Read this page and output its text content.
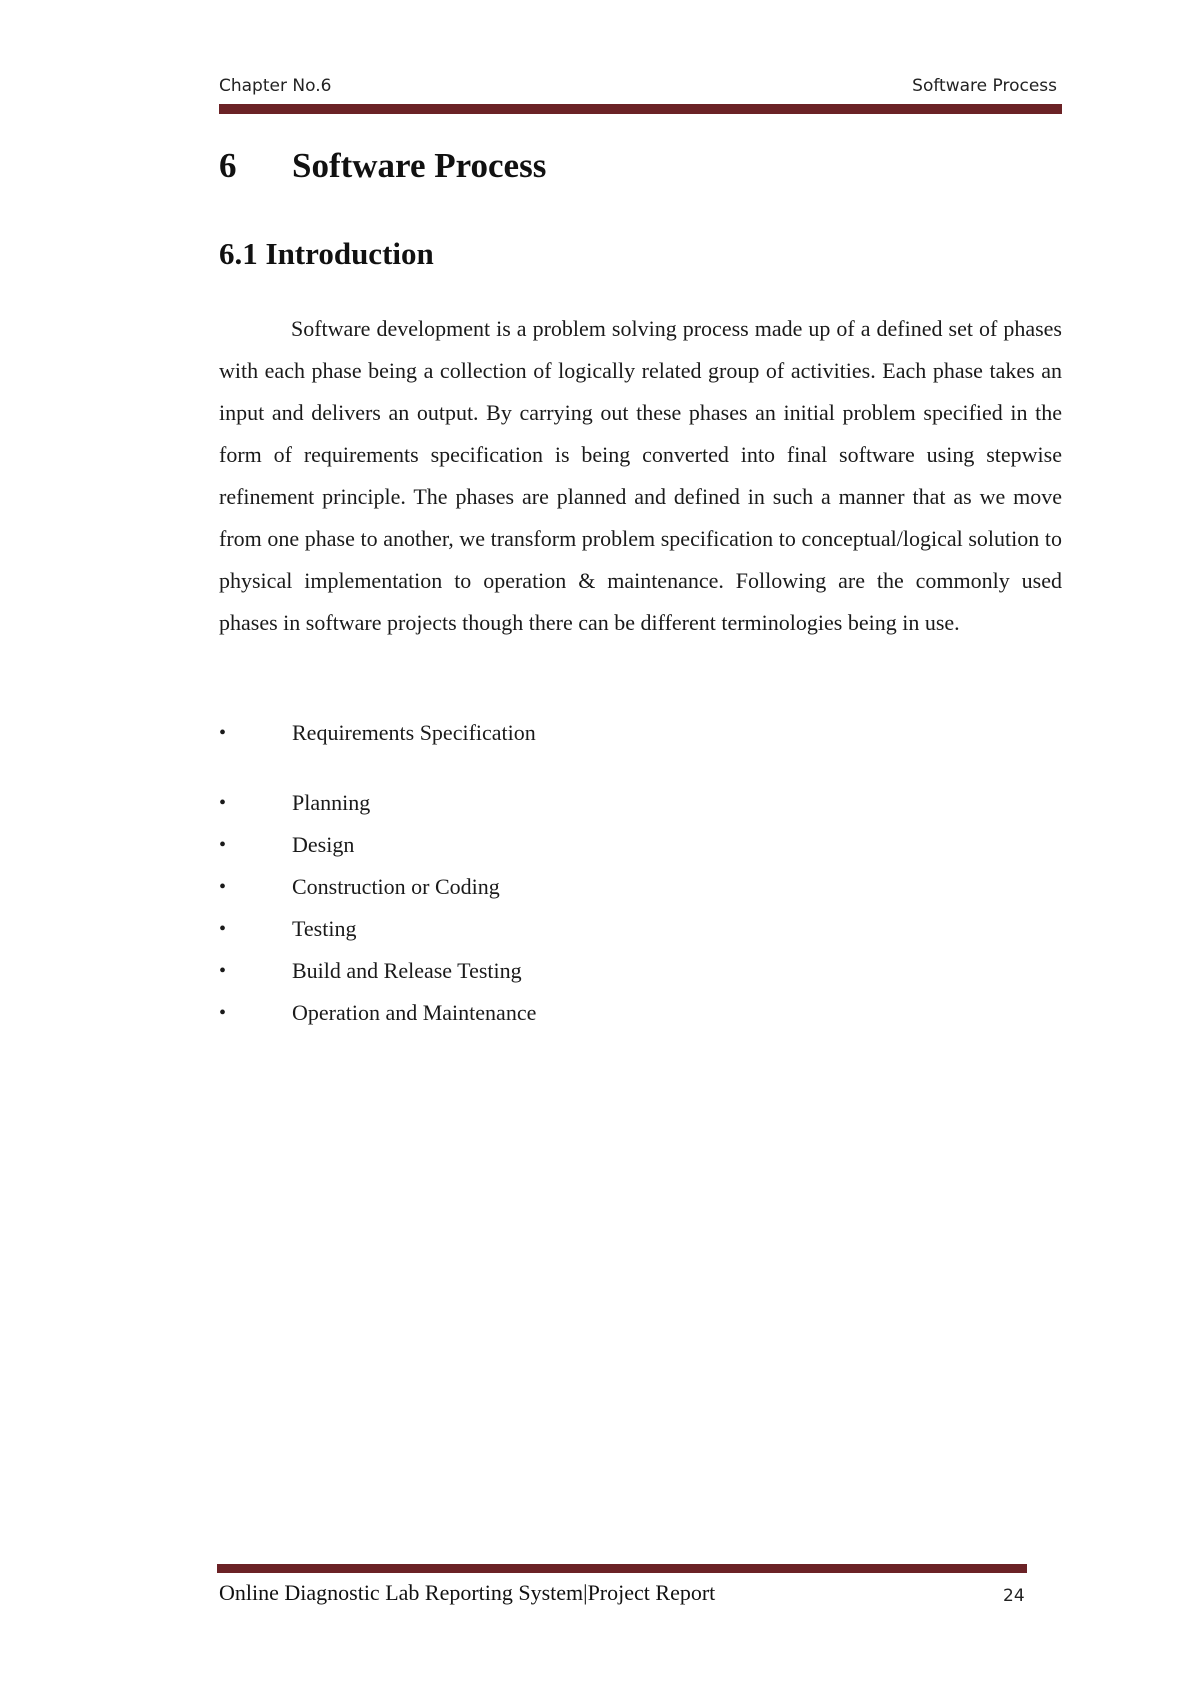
Chapter No.6	Software Process
6 Software Process
6.1 Introduction

Software development is a problem solving process made up of a defined set of phases with each phase being a collection of logically related group of activities. Each phase takes an input and delivers an output. By carrying out these phases an initial problem specified in the form of requirements specification is being converted into final software using stepwise refinement principle. The phases are planned and defined in such a manner that as we move from one phase to another, we transform problem specification to conceptual/logical solution to physical implementation to operation & maintenance. Following are the commonly used phases in software projects though there can be different terminologies being in use.

•	Requirements Specification
•	Planning
•	Design
•	Construction or Coding
•	Testing
•	Build and Release Testing
•	Operation and Maintenance
Online Diagnostic Lab Reporting System|Project Report	24
